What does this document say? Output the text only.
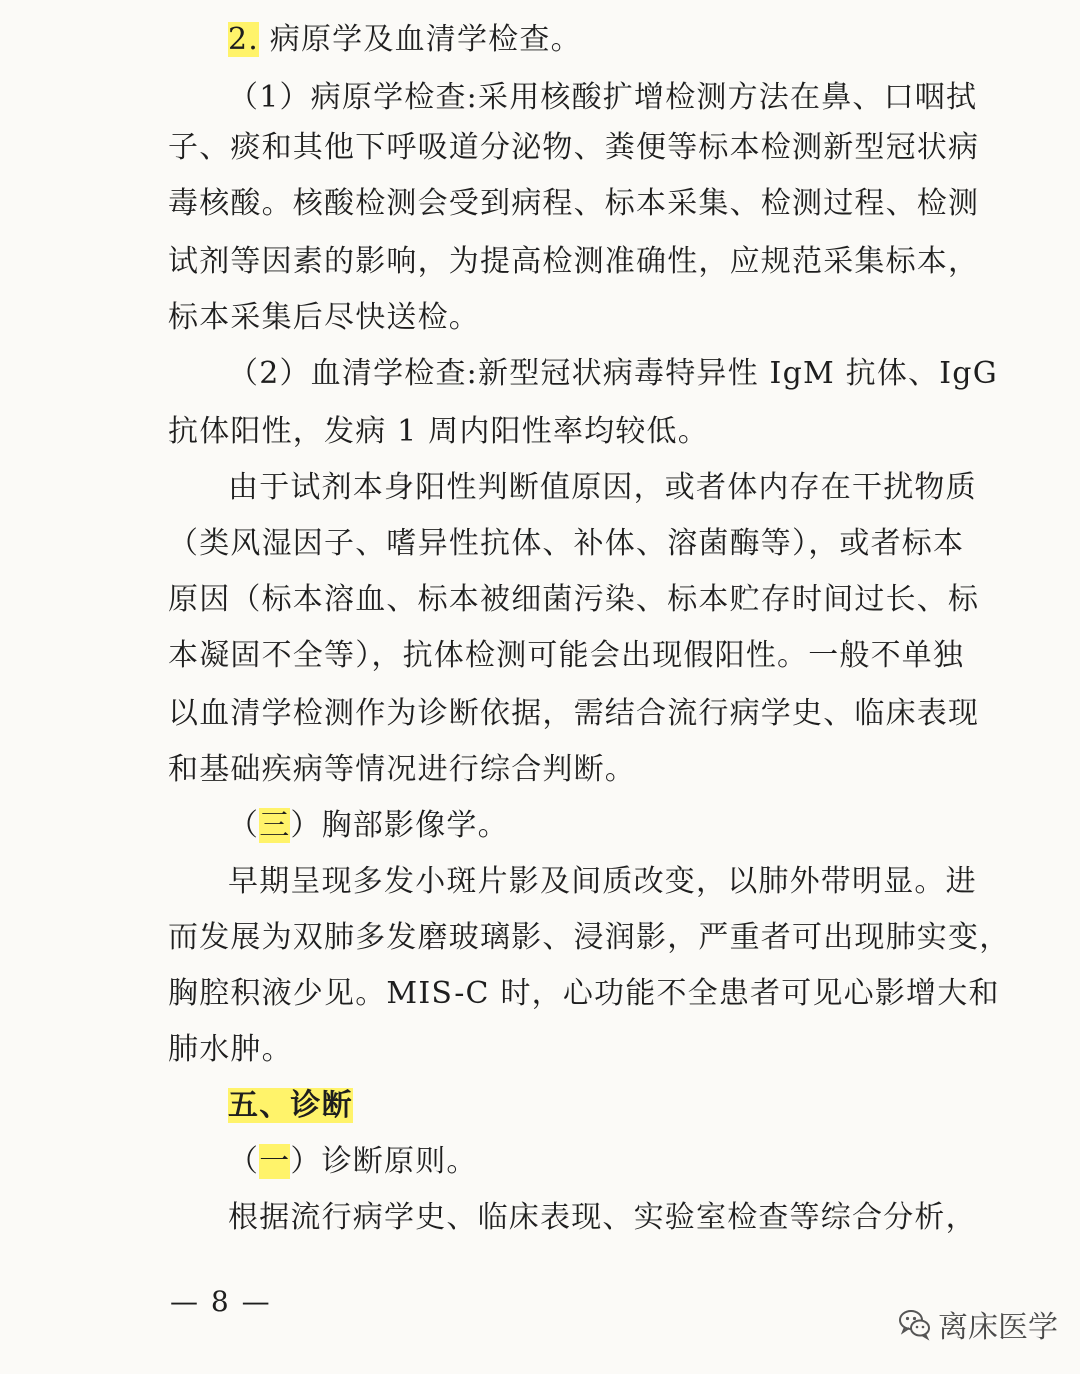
2. 病原学及血清学检查。
（1）病原学检查:采用核酸扩增检测方法在鼻、口咽拭
子、痰和其他下呼吸道分泌物、粪便等标本检测新型冠状病
毒核酸。核酸检测会受到病程、标本采集、检测过程、检测
试剂等因素的影响，为提高检测准确性，应规范采集标本，
标本采集后尽快送检。
（2）血清学检查:新型冠状病毒特异性 IgM 抗体、IgG
抗体阳性，发病 1 周内阳性率均较低。
由于试剂本身阳性判断值原因，或者体内存在干扰物质
（类风湿因子、嗜异性抗体、补体、溶菌酶等），或者标本
原因（标本溶血、标本被细菌污染、标本贮存时间过长、标
本凝固不全等），抗体检测可能会出现假阳性。一般不单独
以血清学检测作为诊断依据，需结合流行病学史、临床表现
和基础疾病等情况进行综合判断。
（三）胸部影像学。
早期呈现多发小斑片影及间质改变，以肺外带明显。进
而发展为双肺多发磨玻璃影、浸润影，严重者可出现肺实变，
胸腔积液少见。MIS-C 时，心功能不全患者可见心影增大和
肺水肿。
五、诊断
（一）诊断原则。
根据流行病学史、临床表现、实验室检查等综合分析，
— 8 —
离床医学
